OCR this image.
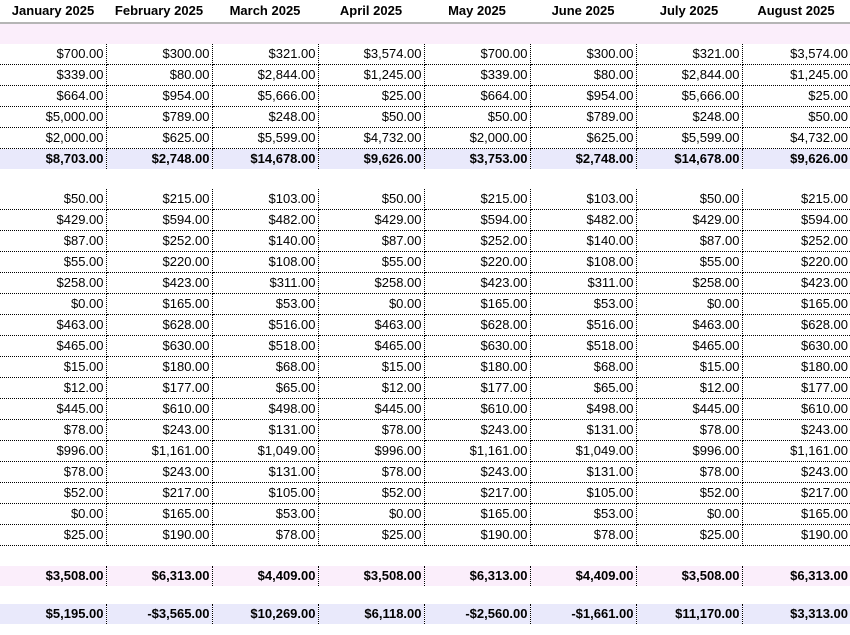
January 2025	February 2025	March 2025	April 2025	May 2025	June 2025	July 2025	August 2025

$700.00	$300.00	$321.00	$3,574.00	$700.00	$300.00	$321.00	$3,574.00
$339.00	$80.00	$2,844.00	$1,245.00	$339.00	$80.00	$2,844.00	$1,245.00
$664.00	$954.00	$5,666.00	$25.00	$664.00	$954.00	$5,666.00	$25.00
$5,000.00	$789.00	$248.00	$50.00	$50.00	$789.00	$248.00	$50.00
$2,000.00	$625.00	$5,599.00	$4,732.00	$2,000.00	$625.00	$5,599.00	$4,732.00
$8,703.00	$2,748.00	$14,678.00	$9,626.00	$3,753.00	$2,748.00	$14,678.00	$9,626.00

$50.00	$215.00	$103.00	$50.00	$215.00	$103.00	$50.00	$215.00
$429.00	$594.00	$482.00	$429.00	$594.00	$482.00	$429.00	$594.00
$87.00	$252.00	$140.00	$87.00	$252.00	$140.00	$87.00	$252.00
$55.00	$220.00	$108.00	$55.00	$220.00	$108.00	$55.00	$220.00
$258.00	$423.00	$311.00	$258.00	$423.00	$311.00	$258.00	$423.00
$0.00	$165.00	$53.00	$0.00	$165.00	$53.00	$0.00	$165.00
$463.00	$628.00	$516.00	$463.00	$628.00	$516.00	$463.00	$628.00
$465.00	$630.00	$518.00	$465.00	$630.00	$518.00	$465.00	$630.00
$15.00	$180.00	$68.00	$15.00	$180.00	$68.00	$15.00	$180.00
$12.00	$177.00	$65.00	$12.00	$177.00	$65.00	$12.00	$177.00
$445.00	$610.00	$498.00	$445.00	$610.00	$498.00	$445.00	$610.00
$78.00	$243.00	$131.00	$78.00	$243.00	$131.00	$78.00	$243.00
$996.00	$1,161.00	$1,049.00	$996.00	$1,161.00	$1,049.00	$996.00	$1,161.00
$78.00	$243.00	$131.00	$78.00	$243.00	$131.00	$78.00	$243.00
$52.00	$217.00	$105.00	$52.00	$217.00	$105.00	$52.00	$217.00
$0.00	$165.00	$53.00	$0.00	$165.00	$53.00	$0.00	$165.00
$25.00	$190.00	$78.00	$25.00	$190.00	$78.00	$25.00	$190.00

$3,508.00	$6,313.00	$4,409.00	$3,508.00	$6,313.00	$4,409.00	$3,508.00	$6,313.00

$5,195.00	-$3,565.00	$10,269.00	$6,118.00	-$2,560.00	-$1,661.00	$11,170.00	$3,313.00
